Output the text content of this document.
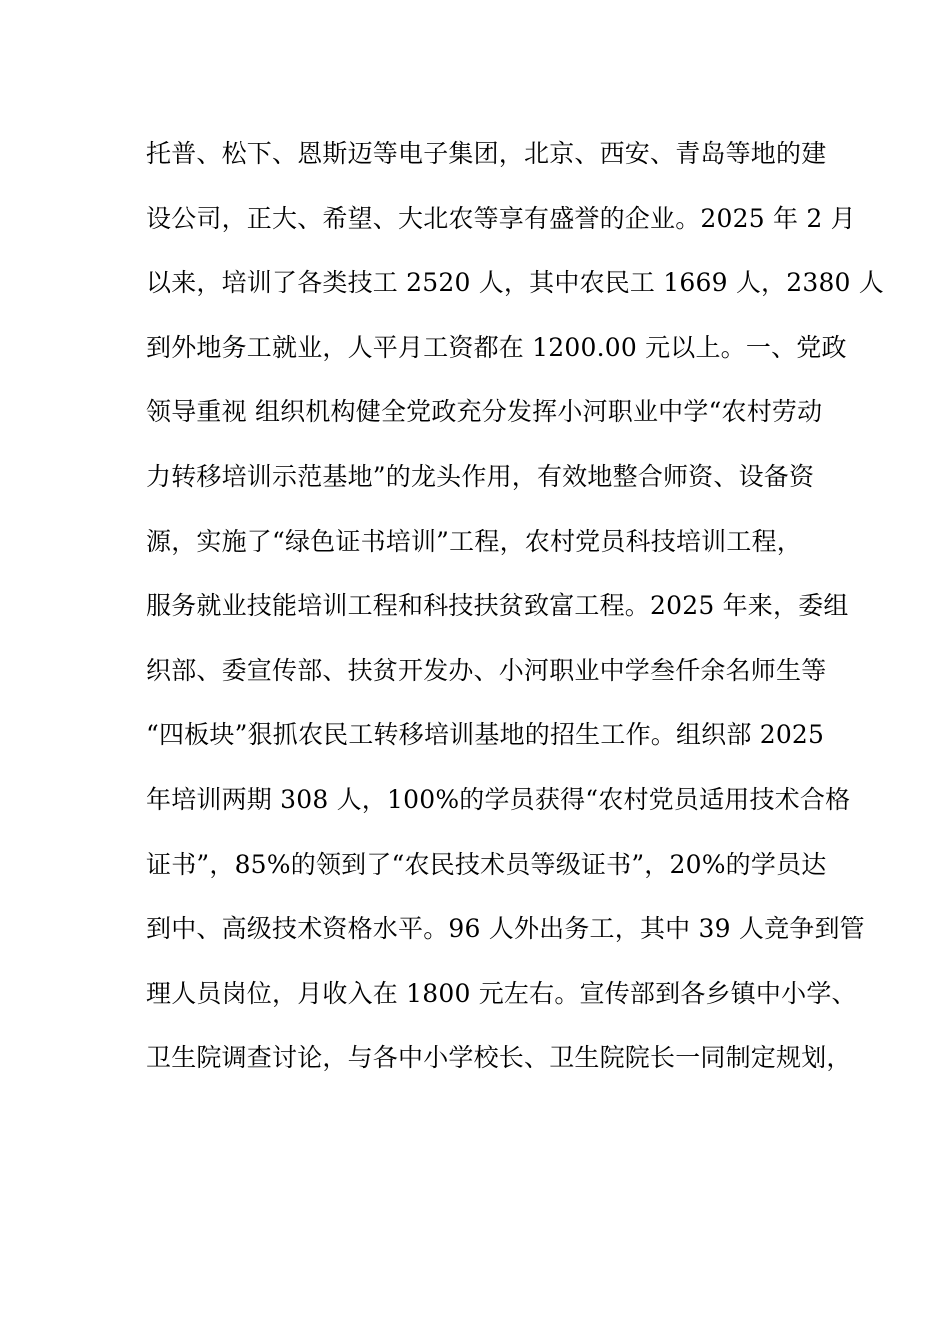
托普、松下、恩斯迈等电子集团，北京、西安、青岛等地的建
设公司，正大、希望、大北农等享有盛誉的企业。2025 年 2 月
以来，培训了各类技工 2520 人，其中农民工 1669 人，2380 人
到外地务工就业，人平月工资都在 1200.00 元以上。一、党政
领导重视 组织机构健全党政充分发挥小河职业中学“农村劳动
力转移培训示范基地”的龙头作用，有效地整合师资、设备资
源，实施了“绿色证书培训”工程，农村党员科技培训工程，
服务就业技能培训工程和科技扶贫致富工程。2025 年来，委组
织部、委宣传部、扶贫开发办、小河职业中学叁仟余名师生等
“四板块”狠抓农民工转移培训基地的招生工作。组织部 2025
年培训两期 308 人，100%的学员获得“农村党员适用技术合格
证书”，85%的领到了“农民技术员等级证书”，20%的学员达
到中、高级技术资格水平。96 人外出务工，其中 39 人竞争到管
理人员岗位，月收入在 1800 元左右。宣传部到各乡镇中小学、
卫生院调查讨论，与各中小学校长、卫生院院长一同制定规划，
